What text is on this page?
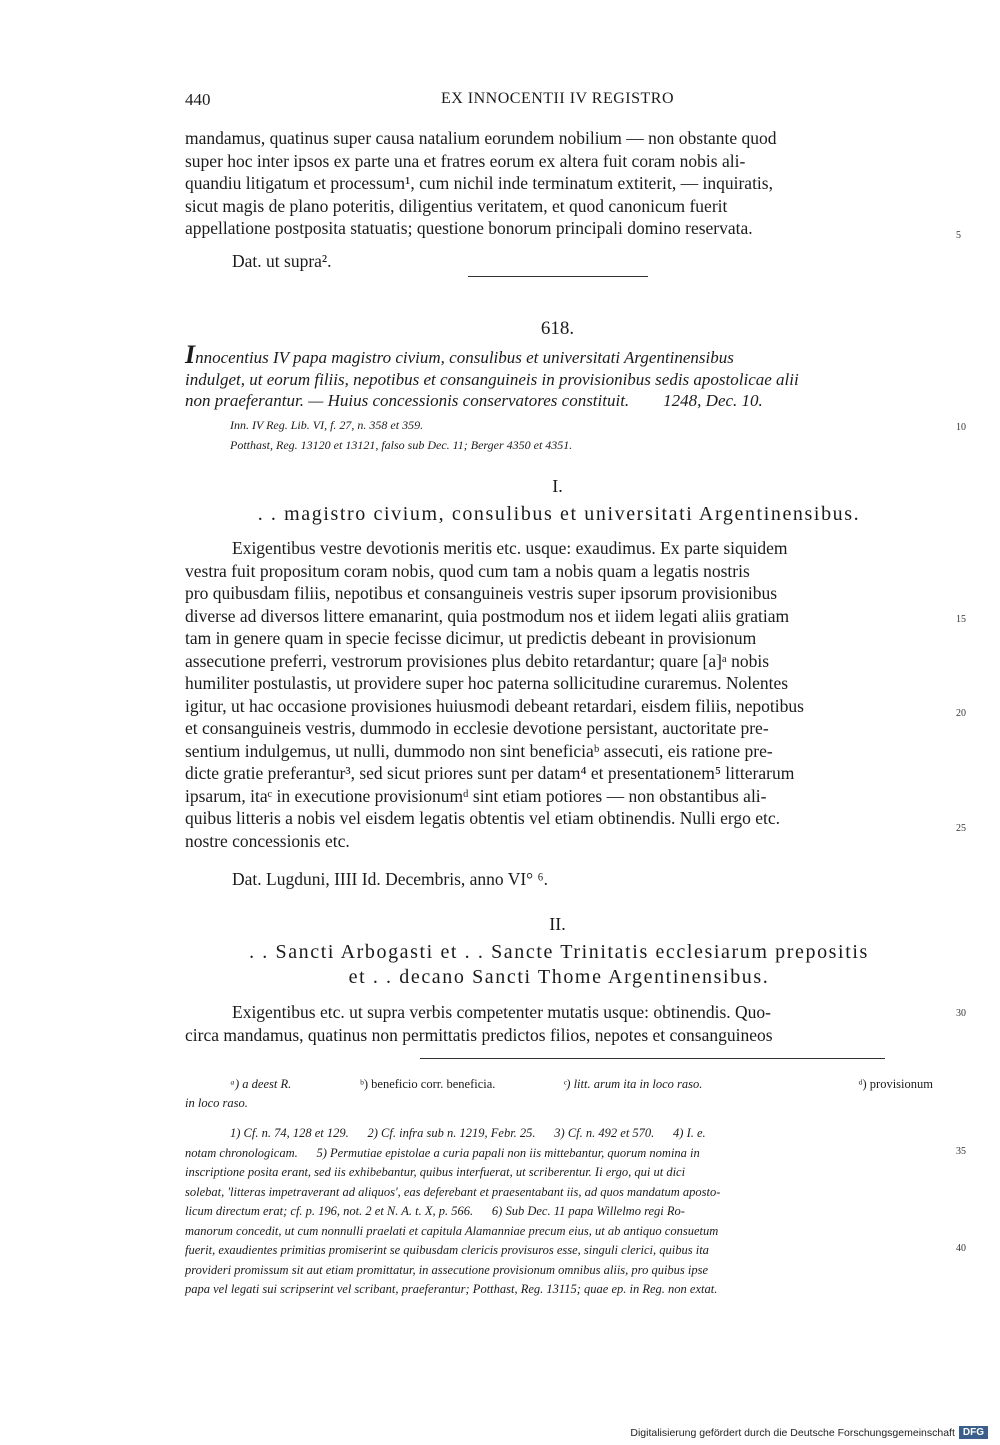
440	EX INNOCENTII IV REGISTRO

mandamus, quatinus super causa natalium eorundem nobilium — non obstante quod

super hoc inter ipsos ex parte una et fratres eorum ex altera fuit coram nobis ali-

quandiu litigatum et processum¹, cum nichil inde terminatum extiterit, — inquiratis,

sicut magis de plano poteritis, diligentius veritatem, et quod canonicum fuerit

appellatione postposita statuatis; questione bonorum principali domino reservata.	5
Dat. ut supra².
618.
Innocentius IV papa magistro civium, consulibus et universitati Argentinensibus
indulget, ut eorum filiis, nepotibus et consanguineis in provisionibus sedis apostolicae alii
non praeferantur. — Huius concessionis conservatores constituit.        1248, Dec. 10.
Inn. IV Reg. Lib. VI, f. 27, n. 358 et 359.
Potthast, Reg. 13120 et 13121, falso sub Dec. 11; Berger 4350 et 4351.
10
I.
. . magistro civium, consulibus et universitati Argentinensibus.

Exigentibus vestre devotionis meritis etc. usque: exaudimus. Ex parte siquidem

vestra fuit propositum coram nobis, quod cum tam a nobis quam a legatis nostris

pro quibusdam filiis, nepotibus et consanguineis vestris super ipsorum provisionibus

diverse ad diversos littere emanarint, quia postmodum nos et iidem legati aliis gratiam

tam in genere quam in specie fecisse dicimur, ut predictis debeant in provisionum

assecutione preferri, vestrorum provisiones plus debito retardantur; quare [a]ᵃ nobis

humiliter postulastis, ut providere super hoc paterna sollicitudine curaremus. Nolentes

igitur, ut hac occasione provisiones huiusmodi debeant retardari, eisdem filiis, nepotibus

et consanguineis vestris, dummodo in ecclesie devotione persistant, auctoritate pre-

sentium indulgemus, ut nulli, dummodo non sint beneficiaᵇ assecuti, eis ratione pre-

dicte gratie preferantur³, sed sicut priores sunt per datam⁴ et presentationem⁵ litterarum

ipsarum, itaᶜ in executione provisionumᵈ sint etiam potiores — non obstantibus ali-

quibus litteris a nobis vel eisdem legatis obtentis vel etiam obtinendis. Nulli ergo etc.

nostre concessionis etc.

15
20
25
Dat. Lugduni, IIII Id. Decembris, anno VI° ⁶.
II.
. . Sancti Arbogasti et . . Sancte Trinitatis ecclesiarum prepositis
et . . decano Sancti Thome Argentinensibus.

Exigentibus etc. ut supra verbis competenter mutatis usque: obtinendis. Quo-

circa mandamus, quatinus non permittatis predictos filios, nepotes et consanguineos

30
ᵃ) a deest R.	ᵇ) beneficio corr. beneficia.	ᶜ) litt. arum ita in loco raso.	ᵈ) provisionum
in loco raso.
1) Cf. n. 74, 128 et 129.      2) Cf. infra sub n. 1219, Febr. 25.      3) Cf. n. 492 et 570.      4) I. e.
notam chronologicam.      5) Permutiae epistolae a curia papali non iis mittebantur, quorum nomina in
inscriptione posita erant, sed iis exhibebantur, quibus interfuerat, ut scriberentur. Ii ergo, qui ut dici
solebat, 'litteras impetraverant ad aliquos', eas deferebant et praesentabant iis, ad quos mandatum aposto-
licum directum erat; cf. p. 196, not. 2 et N. A. t. X, p. 566.      6) Sub Dec. 11 papa Willelmo regi Ro-
manorum concedit, ut cum nonnulli praelati et capitula Alamanniae precum eius, ut ab antiquo consuetum
fuerit, exaudientes primitias promiserint se quibusdam clericis provisuros esse, singuli clerici, quibus ita
provideri promissum sit aut etiam promittatur, in assecutione provisionum omnibus aliis, pro quibus ipse
papa vel legati sui scripserint vel scribant, praeferantur; Potthast, Reg. 13115; quae ep. in Reg. non extat.
35
40
Digitalisierung gefördert durch die Deutsche Forschungsgemeinschaft DFG
